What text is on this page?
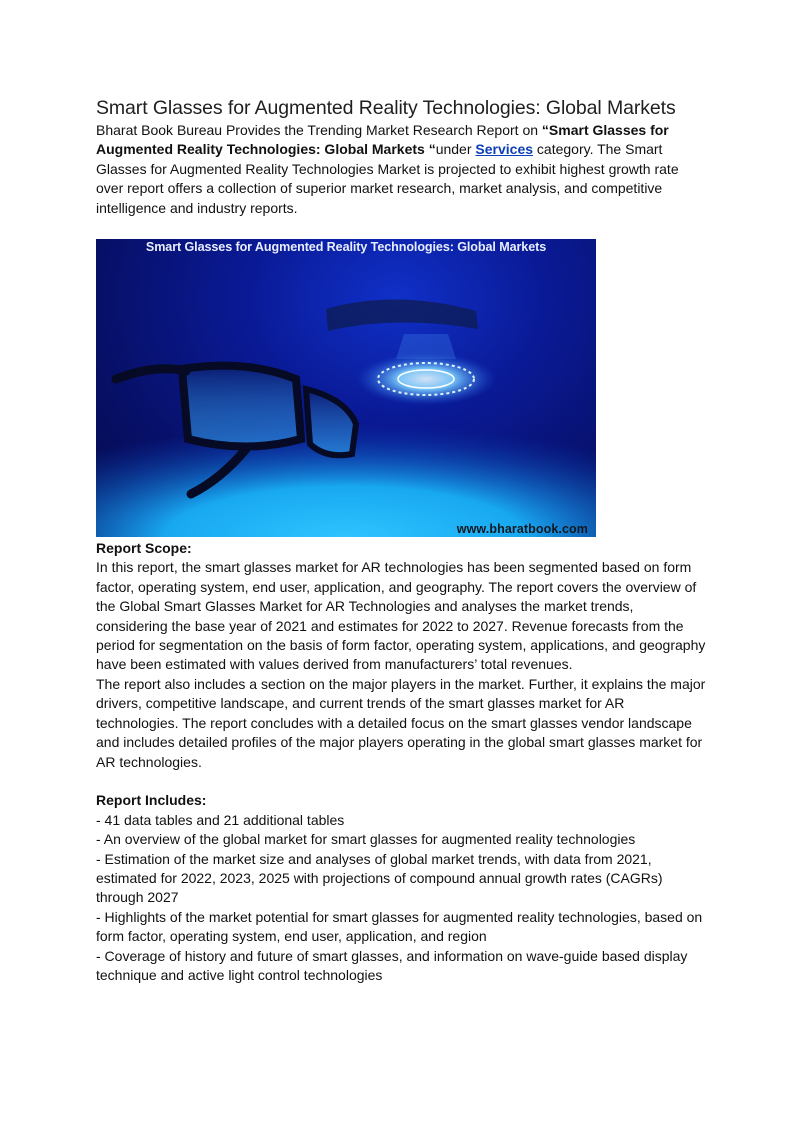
Smart Glasses for Augmented Reality Technologies: Global Markets

Bharat Book Bureau Provides the Trending Market Research Report on “Smart Glasses for Augmented Reality Technologies: Global Markets “under Services category. The Smart Glasses for Augmented Reality Technologies Market is projected to exhibit highest growth rate over report offers a collection of superior market research, market analysis, and competitive intelligence and industry reports.

Smart Glasses for Augmented Reality Technologies: Global Markets
www.bharatbook.com
Report Scope:

In this report, the smart glasses market for AR technologies has been segmented based on form factor, operating system, end user, application, and geography. The report covers the overview of the Global Smart Glasses Market for AR Technologies and analyses the market trends, considering the base year of 2021 and estimates for 2022 to 2027. Revenue forecasts from the period for segmentation on the basis of form factor, operating system, applications, and geography have been estimated with values derived from manufacturers’ total revenues.

The report also includes a section on the major players in the market. Further, it explains the major drivers, competitive landscape, and current trends of the smart glasses market for AR technologies. The report concludes with a detailed focus on the smart glasses vendor landscape and includes detailed profiles of the major players operating in the global smart glasses market for AR technologies.

Report Includes:
- 41 data tables and 21 additional tables
- An overview of the global market for smart glasses for augmented reality technologies
- Estimation of the market size and analyses of global market trends, with data from 2021, estimated for 2022, 2023, 2025 with projections of compound annual growth rates (CAGRs) through 2027
- Highlights of the market potential for smart glasses for augmented reality technologies, based on form factor, operating system, end user, application, and region
- Coverage of history and future of smart glasses, and information on wave-guide based display technique and active light control technologies
